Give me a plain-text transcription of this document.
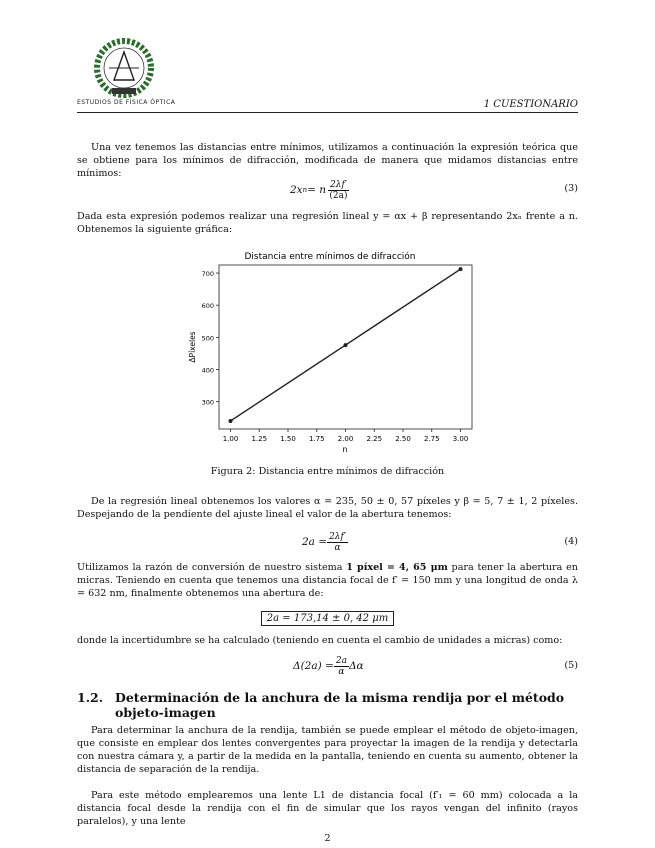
ESTUDIOS DE FÍSICA ÓPTICA	1 CUESTIONARIO
Una vez tenemos las distancias entre mínimos, utilizamos a continuación la expresión teórica que se obtiene para los mínimos de difracción, modificada de manera que midamos distancias entre mínimos:
2x n = n $\frac{2\lambda f'}{(2a)}$	(3)
Dada esta expresión podemos realizar una regresión lineal y = αx + β representando 2xₙ frente a n. Obtenemos la siguiente gráfica:
Distancia entre mínimos de difracción
300
400
500
600
700
1.00 1.25 1.50 1.75 2.00 2.25 2.50 2.75 3.00
n
ΔPíxeles
Figura 2: Distancia entre mínimos de difracción
De la regresión lineal obtenemos los valores α = 235, 50 ± 0, 57 píxeles y β = 5, 7 ± 1, 2 píxeles. Despejando de la pendiente del ajuste lineal el valor de la abertura tenemos:
$2a = \frac{2\lambda f'}{\alpha}$	(4)
Utilizamos la razón de conversión de nuestro sistema 1 píxel = 4, 65 μm para tener la abertura en micras. Teniendo en cuenta que tenemos una distancia focal de f′ = 150 mm y una longitud de onda λ = 632 nm, finalmente obtenemos una abertura de:
2a = 173,14 ± 0, 42 μm
donde la incertidumbre se ha calculado (teniendo en cuenta el cambio de unidades a micras) como:
$\Delta(2a) = \frac{2a}{\alpha}$ Δα	(5)
1.2. Determinación de la anchura de la misma rendija por el método objeto-imagen
Para determinar la anchura de la rendija, también se puede emplear el método de objeto-imagen, que consiste en emplear dos lentes convergentes para proyectar la imagen de la rendija y detectarla con nuestra cámara y, a partir de la medida en la pantalla, teniendo en cuenta su aumento, obtener la distancia de separación de la rendija.
Para este método emplearemos una lente L1 de distancia focal (f′₁ = 60 mm) colocada a la distancia focal desde la rendija con el fin de simular que los rayos vengan del infinito (rayos paralelos), y una lente
2
